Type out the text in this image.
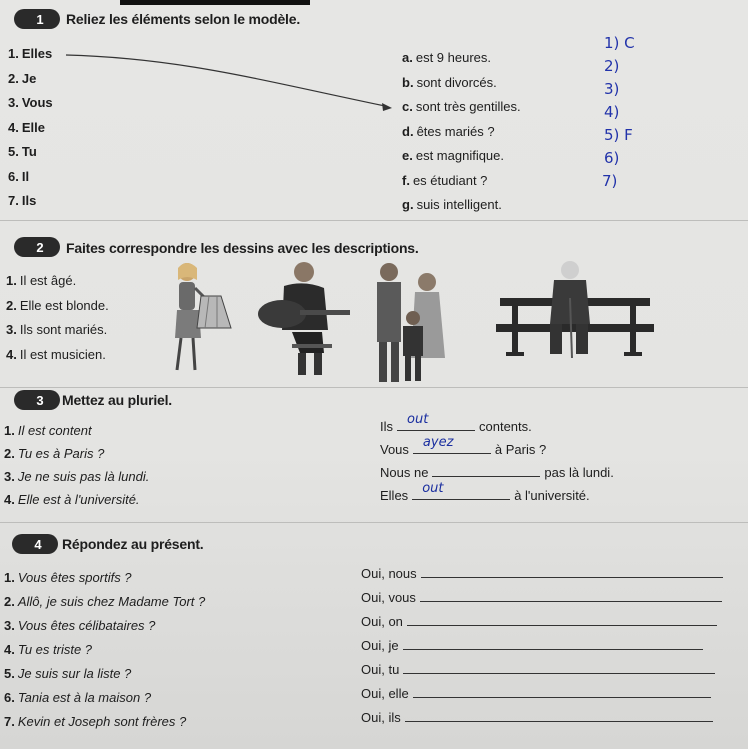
1 Reliez les éléments selon le modèle.
1. Elles
2. Je
3. Vous
4. Elle
5. Tu
6. Il
7. Ils
a. est 9 heures.
b. sont divorcés.
c. sont très gentilles.
d. êtes mariés ?
e. est magnifique.
f. es étudiant ?
g. suis intelligent.
1) C
2)
3)
4)
5) F
6)
7)
2 Faites correspondre les dessins avec les descriptions.
1. Il est âgé.
2. Elle est blonde.
3. Ils sont mariés.
4. Il est musicien.
3 Mettez au pluriel.
1. Il est content	Ils out	contents.
2. Tu es à Paris ?	Vous ayez	à Paris ?
3. Je ne suis pas là lundi.	Nous ne	pas là lundi.
4. Elle est à l'université.	Elles out	à l'université.
4 Répondez au présent.
1. Vous êtes sportifs ?	Oui, nous
2. Allô, je suis chez Madame Tort ?	Oui, vous
3. Vous êtes célibataires ?	Oui, on
4. Tu es triste ?	Oui, je
5. Je suis sur la liste ?	Oui, tu
6. Tania est à la maison ?	Oui, elle
7. Kevin et Joseph sont frères ?	Oui, ils
